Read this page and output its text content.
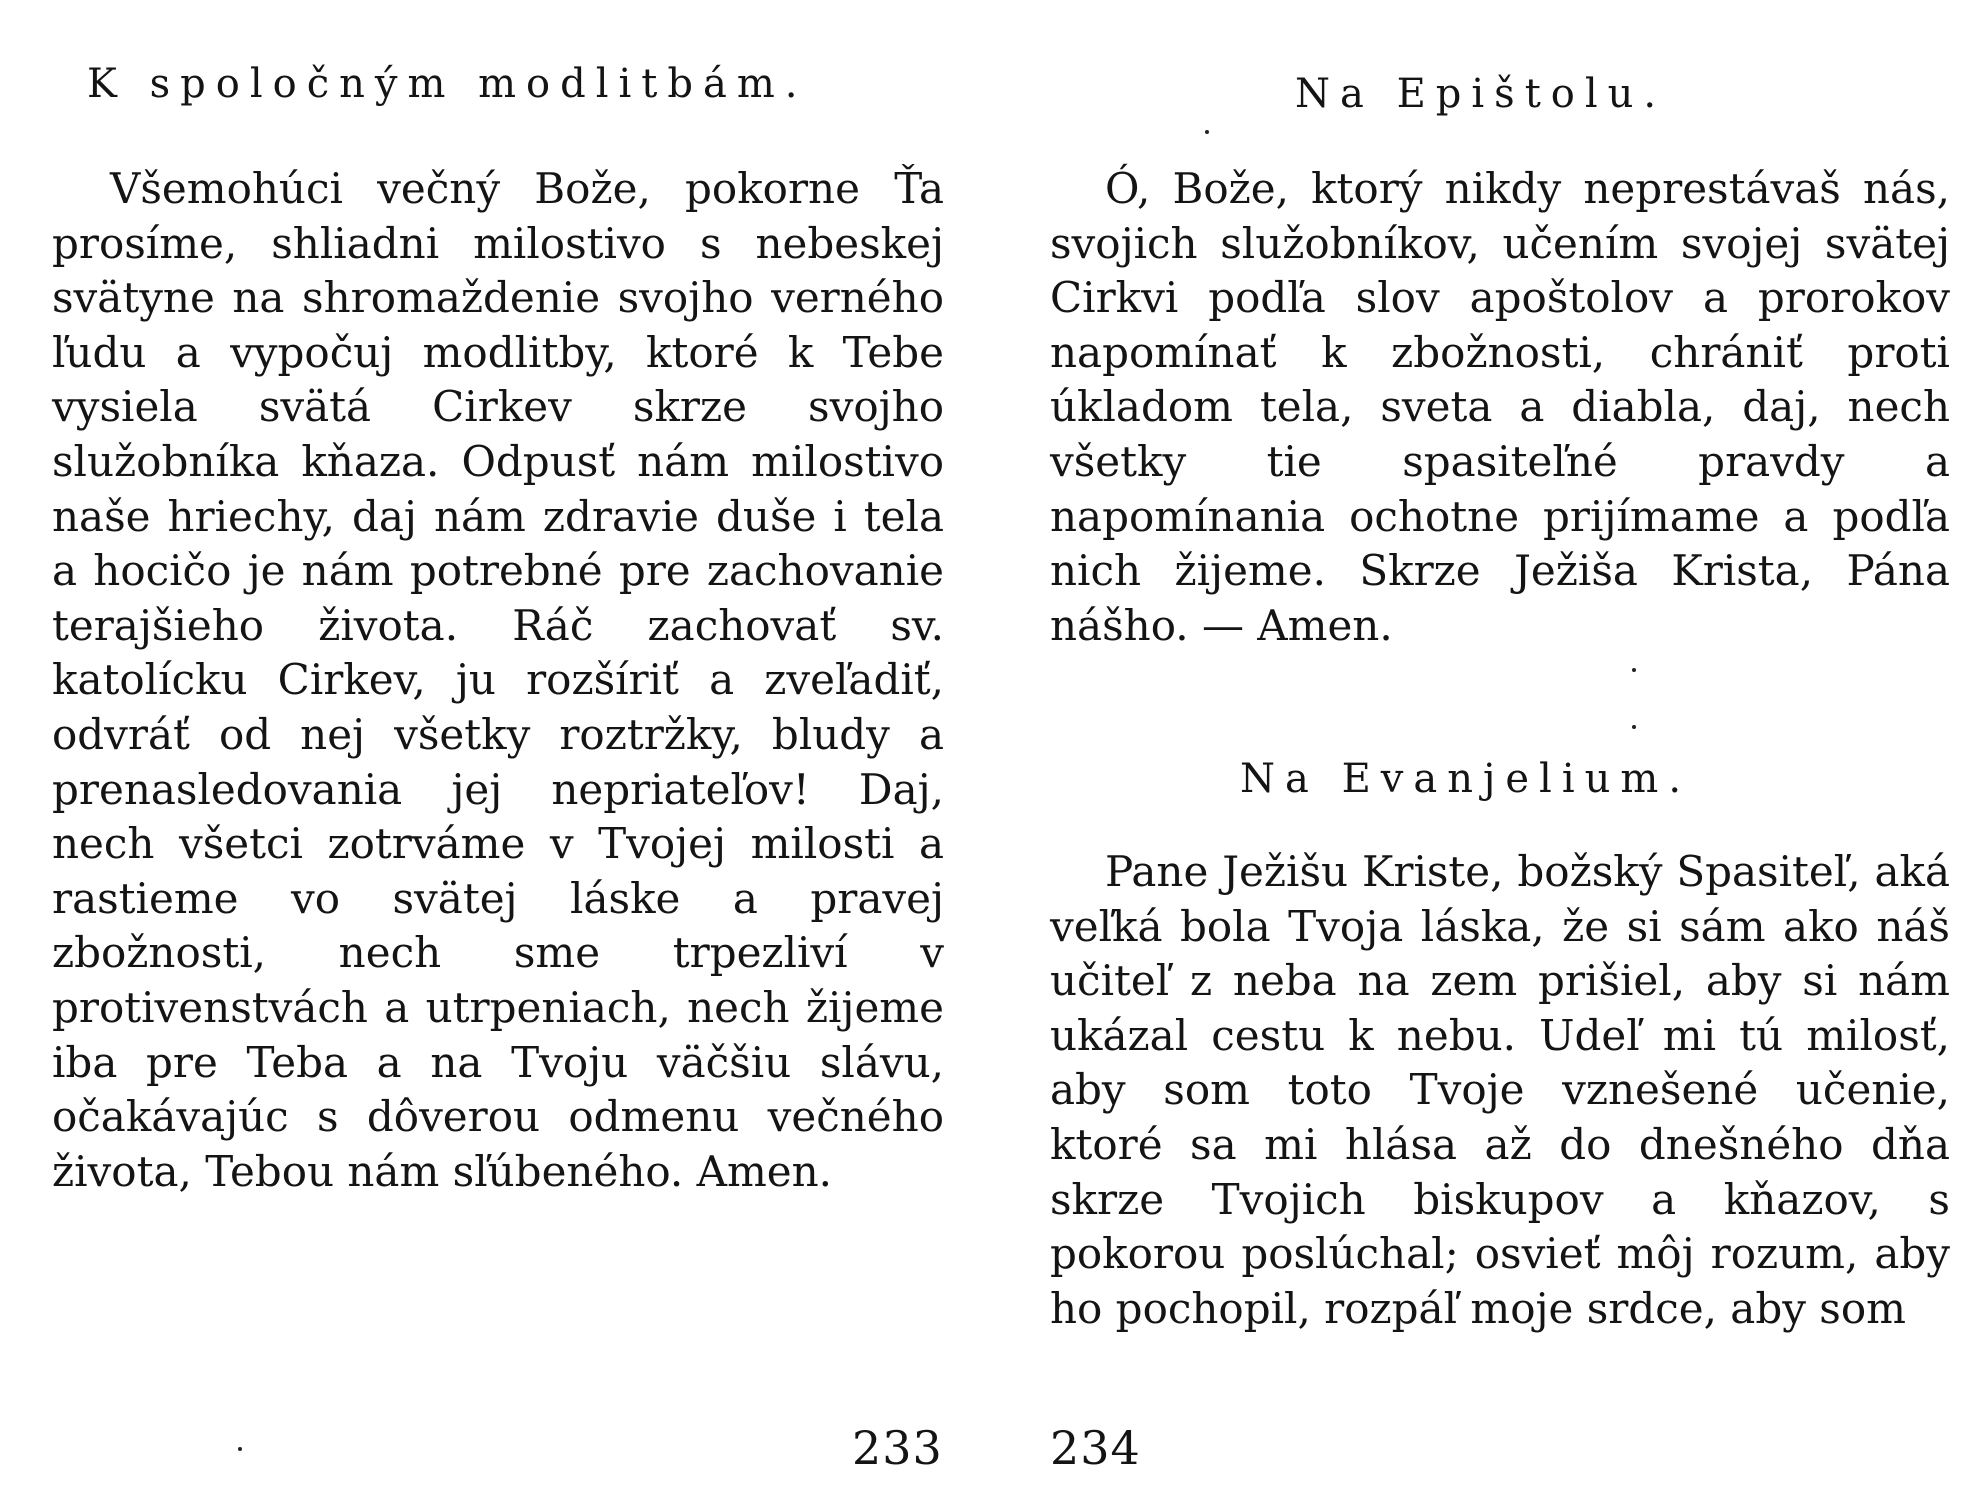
K spoločným modlitbám.

Všemohúci večný Bože, pokorne Ťa prosíme, shliadni milostivo s nebeskej svätyne na shromaždenie svojho verného ľudu a vypočuj modlitby, ktoré k Tebe vysiela svätá Cirkev skrze svojho služobníka kňaza. Odpusť nám milostivo naše hriechy, daj nám zdravie duše i tela a hocičo je nám potrebné pre zachovanie terajšieho života. Ráč zachovať sv. katolícku Cirkev, ju rozšíriť a zveľadiť, odvráť od nej všetky roztržky, bludy a prenasledovania jej nepriateľov! Daj, nech všetci zotrváme v Tvojej milosti a rastieme vo svätej láske a pravej zbožnosti, nech sme trpezliví v protivenstvách a utrpeniach, nech žijeme iba pre Teba a na Tvoju väčšiu slávu, očakávajúc s dôverou odmenu večného života, Tebou nám sľúbeného. Amen.

233
Na Epištolu.

Ó, Bože, ktorý nikdy neprestávaš nás, svojich služobníkov, učením svojej svätej Cirkvi podľa slov apoštolov a prorokov napomínať k zbožnosti, chrániť proti úkladom tela, sveta a diabla, daj, nech všetky tie spasiteľné pravdy a napomínania ochotne prijímame a podľa nich žijeme. Skrze Ježiša Krista, Pána nášho. — Amen.

Na Evanjelium.

Pane Ježišu Kriste, božský Spasiteľ, aká veľká bola Tvoja láska, že si sám ako náš učiteľ z neba na zem prišiel, aby si nám ukázal cestu k nebu. Udeľ mi tú milosť, aby som toto Tvoje vznešené učenie, ktoré sa mi hlása až do dnešného dňa skrze Tvojich biskupov a kňazov, s pokorou poslúchal; osvieť môj rozum, aby ho pochopil, rozpáľ moje srdce, aby som

234
